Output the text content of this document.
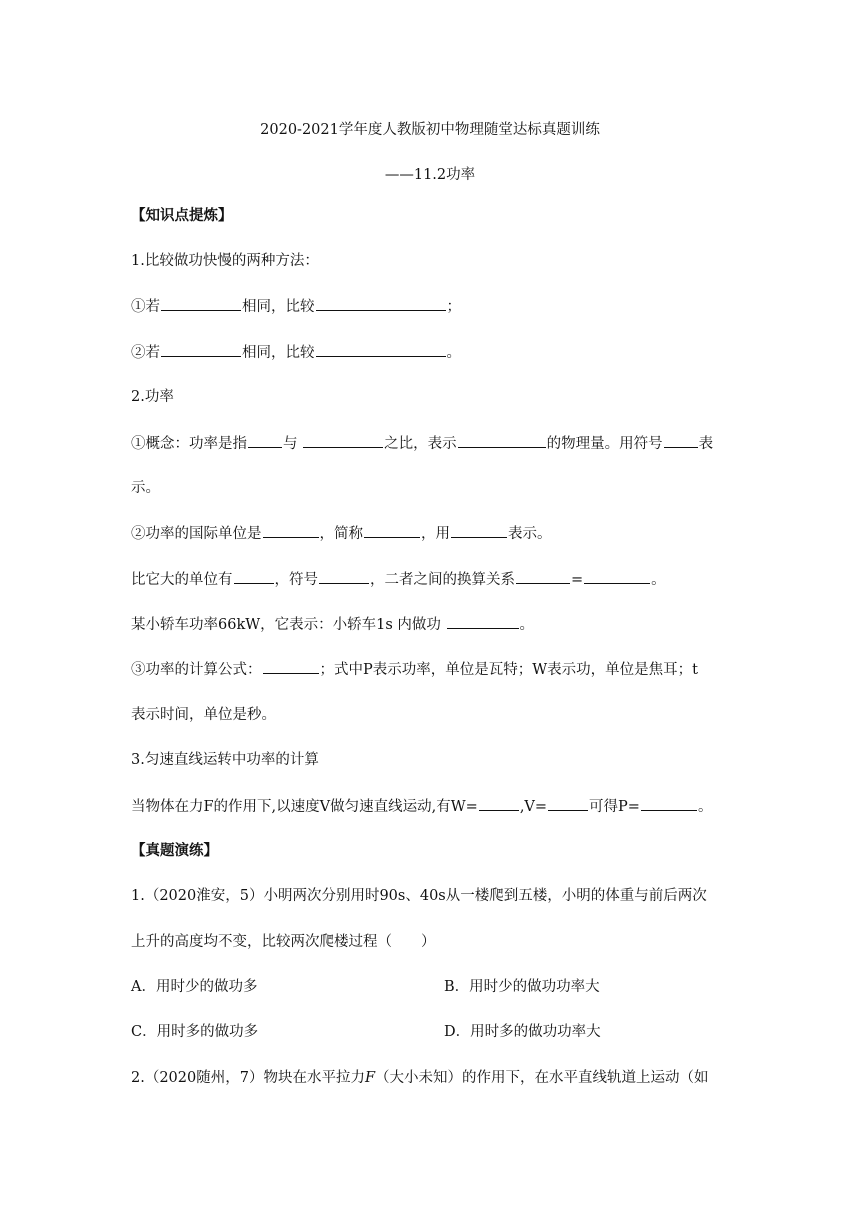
2020-2021学年度人教版初中物理随堂达标真题训练
——11.2功率
【知识点提炼】
1.比较做功快慢的两种方法：
①若	相同，比较	；
②若	相同，比较	。
2.功率
①概念：功率是指 与	之比，表示	的物理量。用符号 表
示。
②功率的国际单位是	，简称	，用	表示。
比它大的单位有	，符号	，二者之间的换算关系	=	。
某小轿车功率66kW，它表示：小轿车1s 内做功	。
③功率的计算公式：	；式中P表示功率，单位是瓦特；W表示功，单位是焦耳；t
表示时间，单位是秒。
3.匀速直线运转中功率的计算
当物体在力F的作用下,以速度V做匀速直线运动,有W=	,V=	可得P=	。
【真题演练】
1.（2020淮安，5）小明两次分别用时90s、40s从一楼爬到五楼，小明的体重与前后两次
上升的高度均不变，比较两次爬楼过程（　　）
A．用时少的做功多	B．用时少的做功功率大
C．用时多的做功多	D．用时多的做功功率大
2.（2020随州，7）物块在水平拉力F（大小未知）的作用下，在水平直线轨道上运动（如
